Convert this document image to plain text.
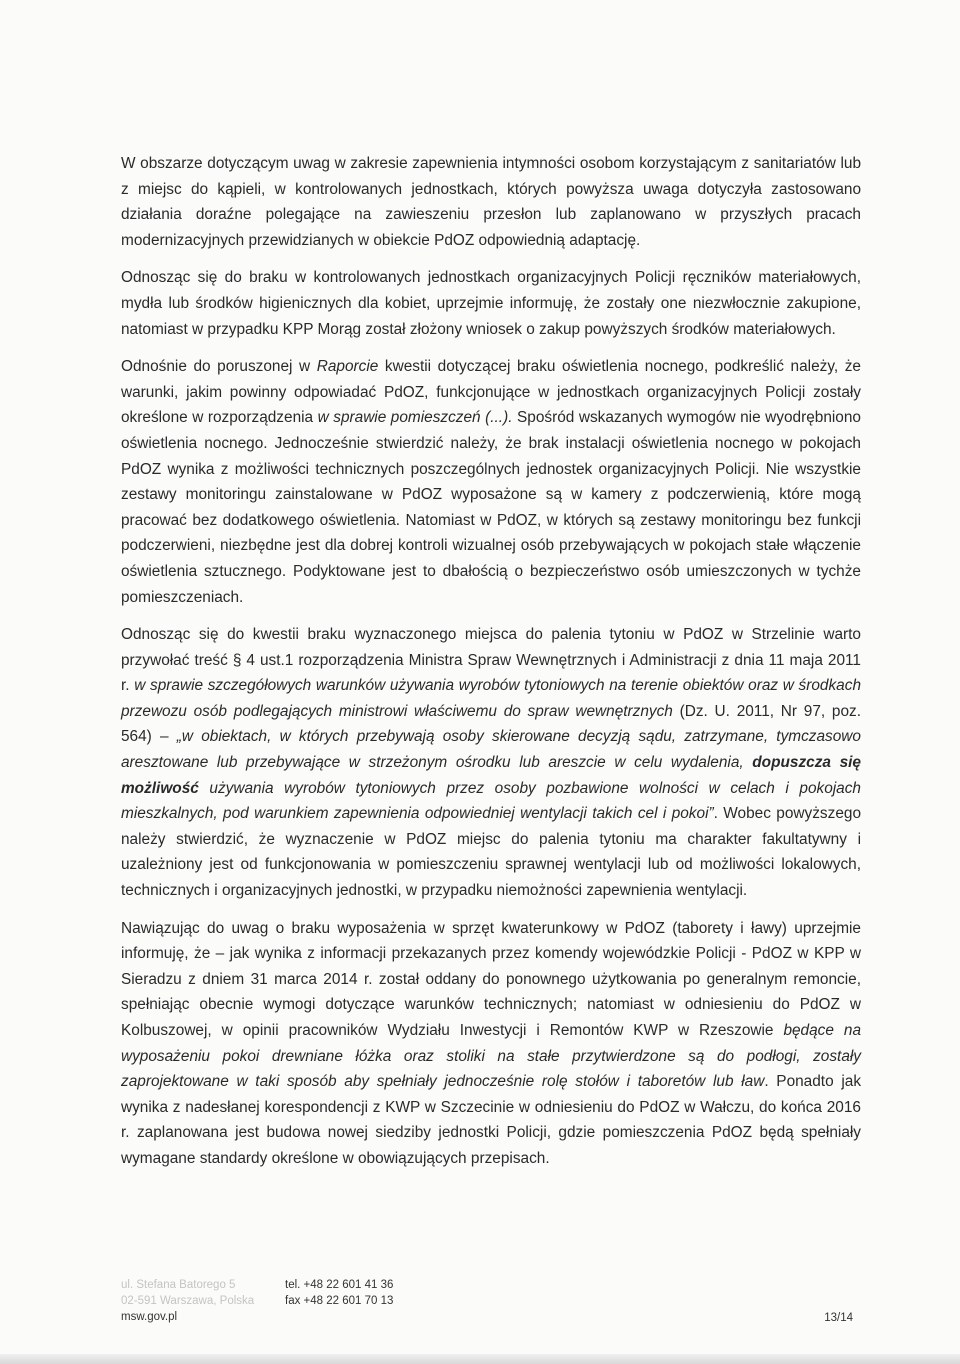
W obszarze dotyczącym uwag w zakresie zapewnienia intymności osobom korzystającym z sanitariatów lub z miejsc do kąpieli, w kontrolowanych jednostkach, których powyższa uwaga dotyczyła zastosowano działania doraźne polegające na zawieszeniu przesłon lub zaplanowano w przyszłych pracach modernizacyjnych przewidzianych w obiekcie PdOZ odpowiednią adaptację.

Odnosząc się do braku w kontrolowanych jednostkach organizacyjnych Policji ręczników materiałowych, mydła lub środków higienicznych dla kobiet, uprzejmie informuję, że zostały one niezwłocznie zakupione, natomiast w przypadku KPP Morąg został złożony wniosek o zakup powyższych środków materiałowych.

Odnośnie do poruszonej w Raporcie kwestii dotyczącej braku oświetlenia nocnego, podkreślić należy, że warunki, jakim powinny odpowiadać PdOZ, funkcjonujące w jednostkach organizacyjnych Policji zostały określone w rozporządzenia w sprawie pomieszczeń (...). Spośród wskazanych wymogów nie wyodrębniono oświetlenia nocnego. Jednocześnie stwierdzić należy, że brak instalacji oświetlenia nocnego w pokojach PdOZ wynika z możliwości technicznych poszczególnych jednostek organizacyjnych Policji. Nie wszystkie zestawy monitoringu zainstalowane w PdOZ wyposażone są w kamery z podczerwienią, które mogą pracować bez dodatkowego oświetlenia. Natomiast w PdOZ, w których są zestawy monitoringu bez funkcji podczerwieni, niezbędne jest dla dobrej kontroli wizualnej osób przebywających w pokojach stałe włączenie oświetlenia sztucznego. Podyktowane jest to dbałością o bezpieczeństwo osób umieszczonych w tychże pomieszczeniach.

Odnosząc się do kwestii braku wyznaczonego miejsca do palenia tytoniu w PdOZ w Strzelinie warto przywołać treść § 4 ust.1 rozporządzenia Ministra Spraw Wewnętrznych i Administracji z dnia 11 maja 2011 r. w sprawie szczegółowych warunków używania wyrobów tytoniowych na terenie obiektów oraz w środkach przewozu osób podlegających ministrowi właściwemu do spraw wewnętrznych (Dz. U. 2011, Nr 97, poz. 564) – „w obiektach, w których przebywają osoby skierowane decyzją sądu, zatrzymane, tymczasowo aresztowane lub przebywające w strzeżonym ośrodku lub areszcie w celu wydalenia, dopuszcza się możliwość używania wyrobów tytoniowych przez osoby pozbawione wolności w celach i pokojach mieszkalnych, pod warunkiem zapewnienia odpowiedniej wentylacji takich cel i pokoi”. Wobec powyższego należy stwierdzić, że wyznaczenie w PdOZ miejsc do palenia tytoniu ma charakter fakultatywny i uzależniony jest od funkcjonowania w pomieszczeniu sprawnej wentylacji lub od możliwości lokalowych, technicznych i organizacyjnych jednostki, w przypadku niemożności zapewnienia wentylacji.

Nawiązując do uwag o braku wyposażenia w sprzęt kwaterunkowy w PdOZ (taborety i ławy) uprzejmie informuję, że – jak wynika z informacji przekazanych przez komendy wojewódzkie Policji - PdOZ w KPP w Sieradzu z dniem 31 marca 2014 r. został oddany do ponownego użytkowania po generalnym remoncie, spełniając obecnie wymogi dotyczące warunków technicznych; natomiast w odniesieniu do PdOZ w Kolbuszowej, w opinii pracowników Wydziału Inwestycji i Remontów KWP w Rzeszowie będące na wyposażeniu pokoi drewniane łóżka oraz stoliki na stałe przytwierdzone są do podłogi, zostały zaprojektowane w taki sposób aby spełniały jednocześnie rolę stołów i taboretów lub ław. Ponadto jak wynika z nadesłanej korespondencji z KWP w Szczecinie w odniesieniu do PdOZ w Wałczu, do końca 2016 r. zaplanowana jest budowa nowej siedziby jednostki Policji, gdzie pomieszczenia PdOZ będą spełniały wymagane standardy określone w obowiązujących przepisach.

ul. Stefana Batorego 5
02-591 Warszawa, Polska
msw.gov.pl
tel. +48 22 601 41 36
fax +48 22 601 70 13
13/14
